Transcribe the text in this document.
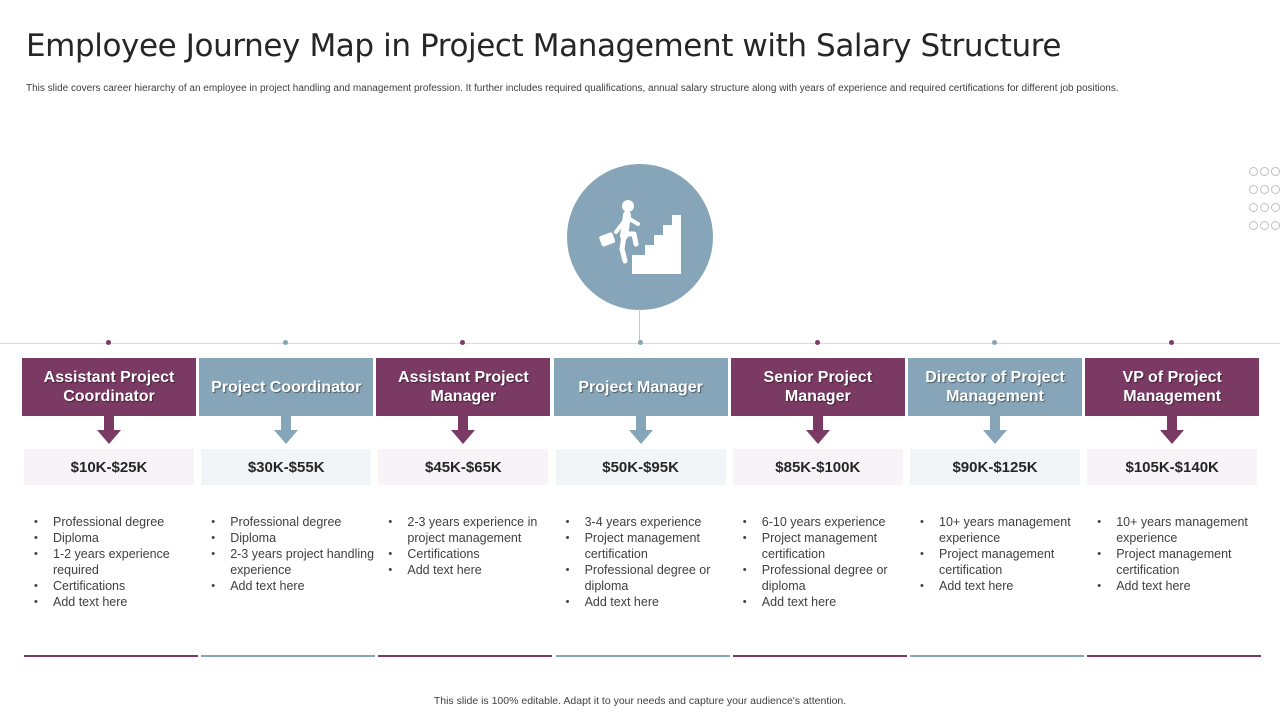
Employee Journey Map in Project Management with Salary Structure
This slide covers career hierarchy of an employee in project handling and management profession. It further includes required qualifications, annual salary structure along with years of experience and required certifications for different job positions.
Assistant Project Coordinator
$10K-$25K
• Professional degree
• Diploma
• 1-2 years experience required
• Certifications
• Add text here
Project Coordinator
$30K-$55K
• Professional degree
• Diploma
• 2-3 years project handling experience
• Add text here
Assistant Project Manager
$45K-$65K
• 2-3 years experience in project management
• Certifications
• Add text here
Project Manager
$50K-$95K
• 3-4 years experience
• Project management certification
• Professional degree or diploma
• Add text here
Senior Project Manager
$85K-$100K
• 6-10 years experience
• Project management certification
• Professional degree or diploma
• Add text here
Director of Project Management
$90K-$125K
• 10+ years management experience
• Project management certification
• Add text here
VP of Project Management
$105K-$140K
• 10+ years management experience
• Project management certification
• Add text here
This slide is 100% editable. Adapt it to your needs and capture your audience's attention.
